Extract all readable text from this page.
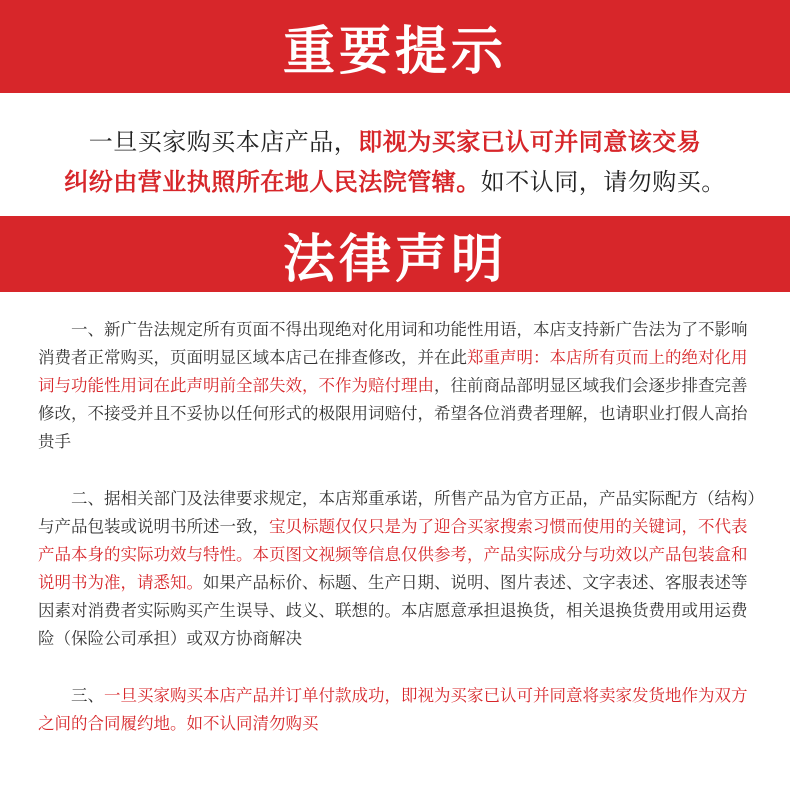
重要提示
一旦买家购买本店产品，即视为买家已认可并同意该交易
纠纷由营业执照所在地人民法院管辖。如不认同，请勿购买。
法律声明

一、新广告法规定所有页面不得出现绝对化用词和功能性用语，本店支持新广告法为了不影响消费者正常购买，页面明显区域本店己在排查修改，并在此郑重声明：本店所有页而上的绝对化用词与功能性用词在此声明前全部失效，不作为赔付理由，往前商品部明显区域我们会逐步排查完善修改，不接受并且不妥协以任何形式的极限用词赔付，希望各位消费者理解，也请职业打假人高抬贵手

二、据相关部门及法律要求规定，本店郑重承诺，所售产品为官方正品，产品实际配方（结构）与产品包装或说明书所述一致，宝贝标题仅仅只是为了迎合买家搜索习惯而使用的关键词，不代表产品本身的实际功效与特性。本页图文视频等信息仅供参考，产品实际成分与功效以产品包装盒和说明书为准，请悉知。如果产品标价、标题、生产日期、说明、图片表述、文字表述、客服表述等因素对消费者实际购买产生误导、歧义、联想的。本店愿意承担退换货，相关退换货费用或用运费险（保险公司承担）或双方协商解决

三、一旦买家购买本店产品并订单付款成功，即视为买家已认可并同意将卖家发货地作为双方之间的合同履约地。如不认同清勿购买
